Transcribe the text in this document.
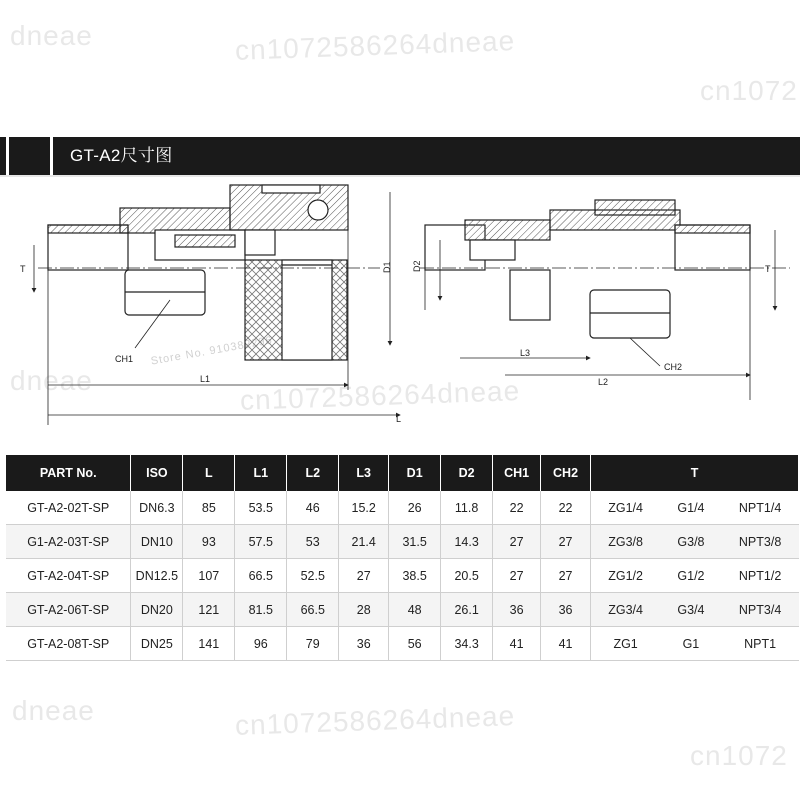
dneae	cn1072586264dneae
cn1072
dneae	cn1072586264dneae
dneae	cn1072586264dneae
cn1072
GT-A2尺寸图
T	D1
CH1
L1
L
D2
L3
L2
CH2
T
Store No. 910382296
PART No.	ISO	L	L1	L2	L3	D1	D2	CH1	CH2	T
GT-A2-02T-SP	DN6.3	85	53.5	46	15.2	26	11.8	22	22	ZG1/4 G1/4 NPT1/4

G1-A2-03T-SP	DN10	93	57.5	53	21.4	31.5	14.3	27	27	ZG3/8 G3/8 NPT3/8

GT-A2-04T-SP	DN12.5	107	66.5	52.5	27	38.5	20.5	27	27	ZG1/2 G1/2 NPT1/2

GT-A2-06T-SP	DN20	121	81.5	66.5	28	48	26.1	36	36	ZG3/4 G3/4 NPT3/4

GT-A2-08T-SP	DN25	141	96	79	36	56	34.3	41	41	ZG1 G1 NPT1
